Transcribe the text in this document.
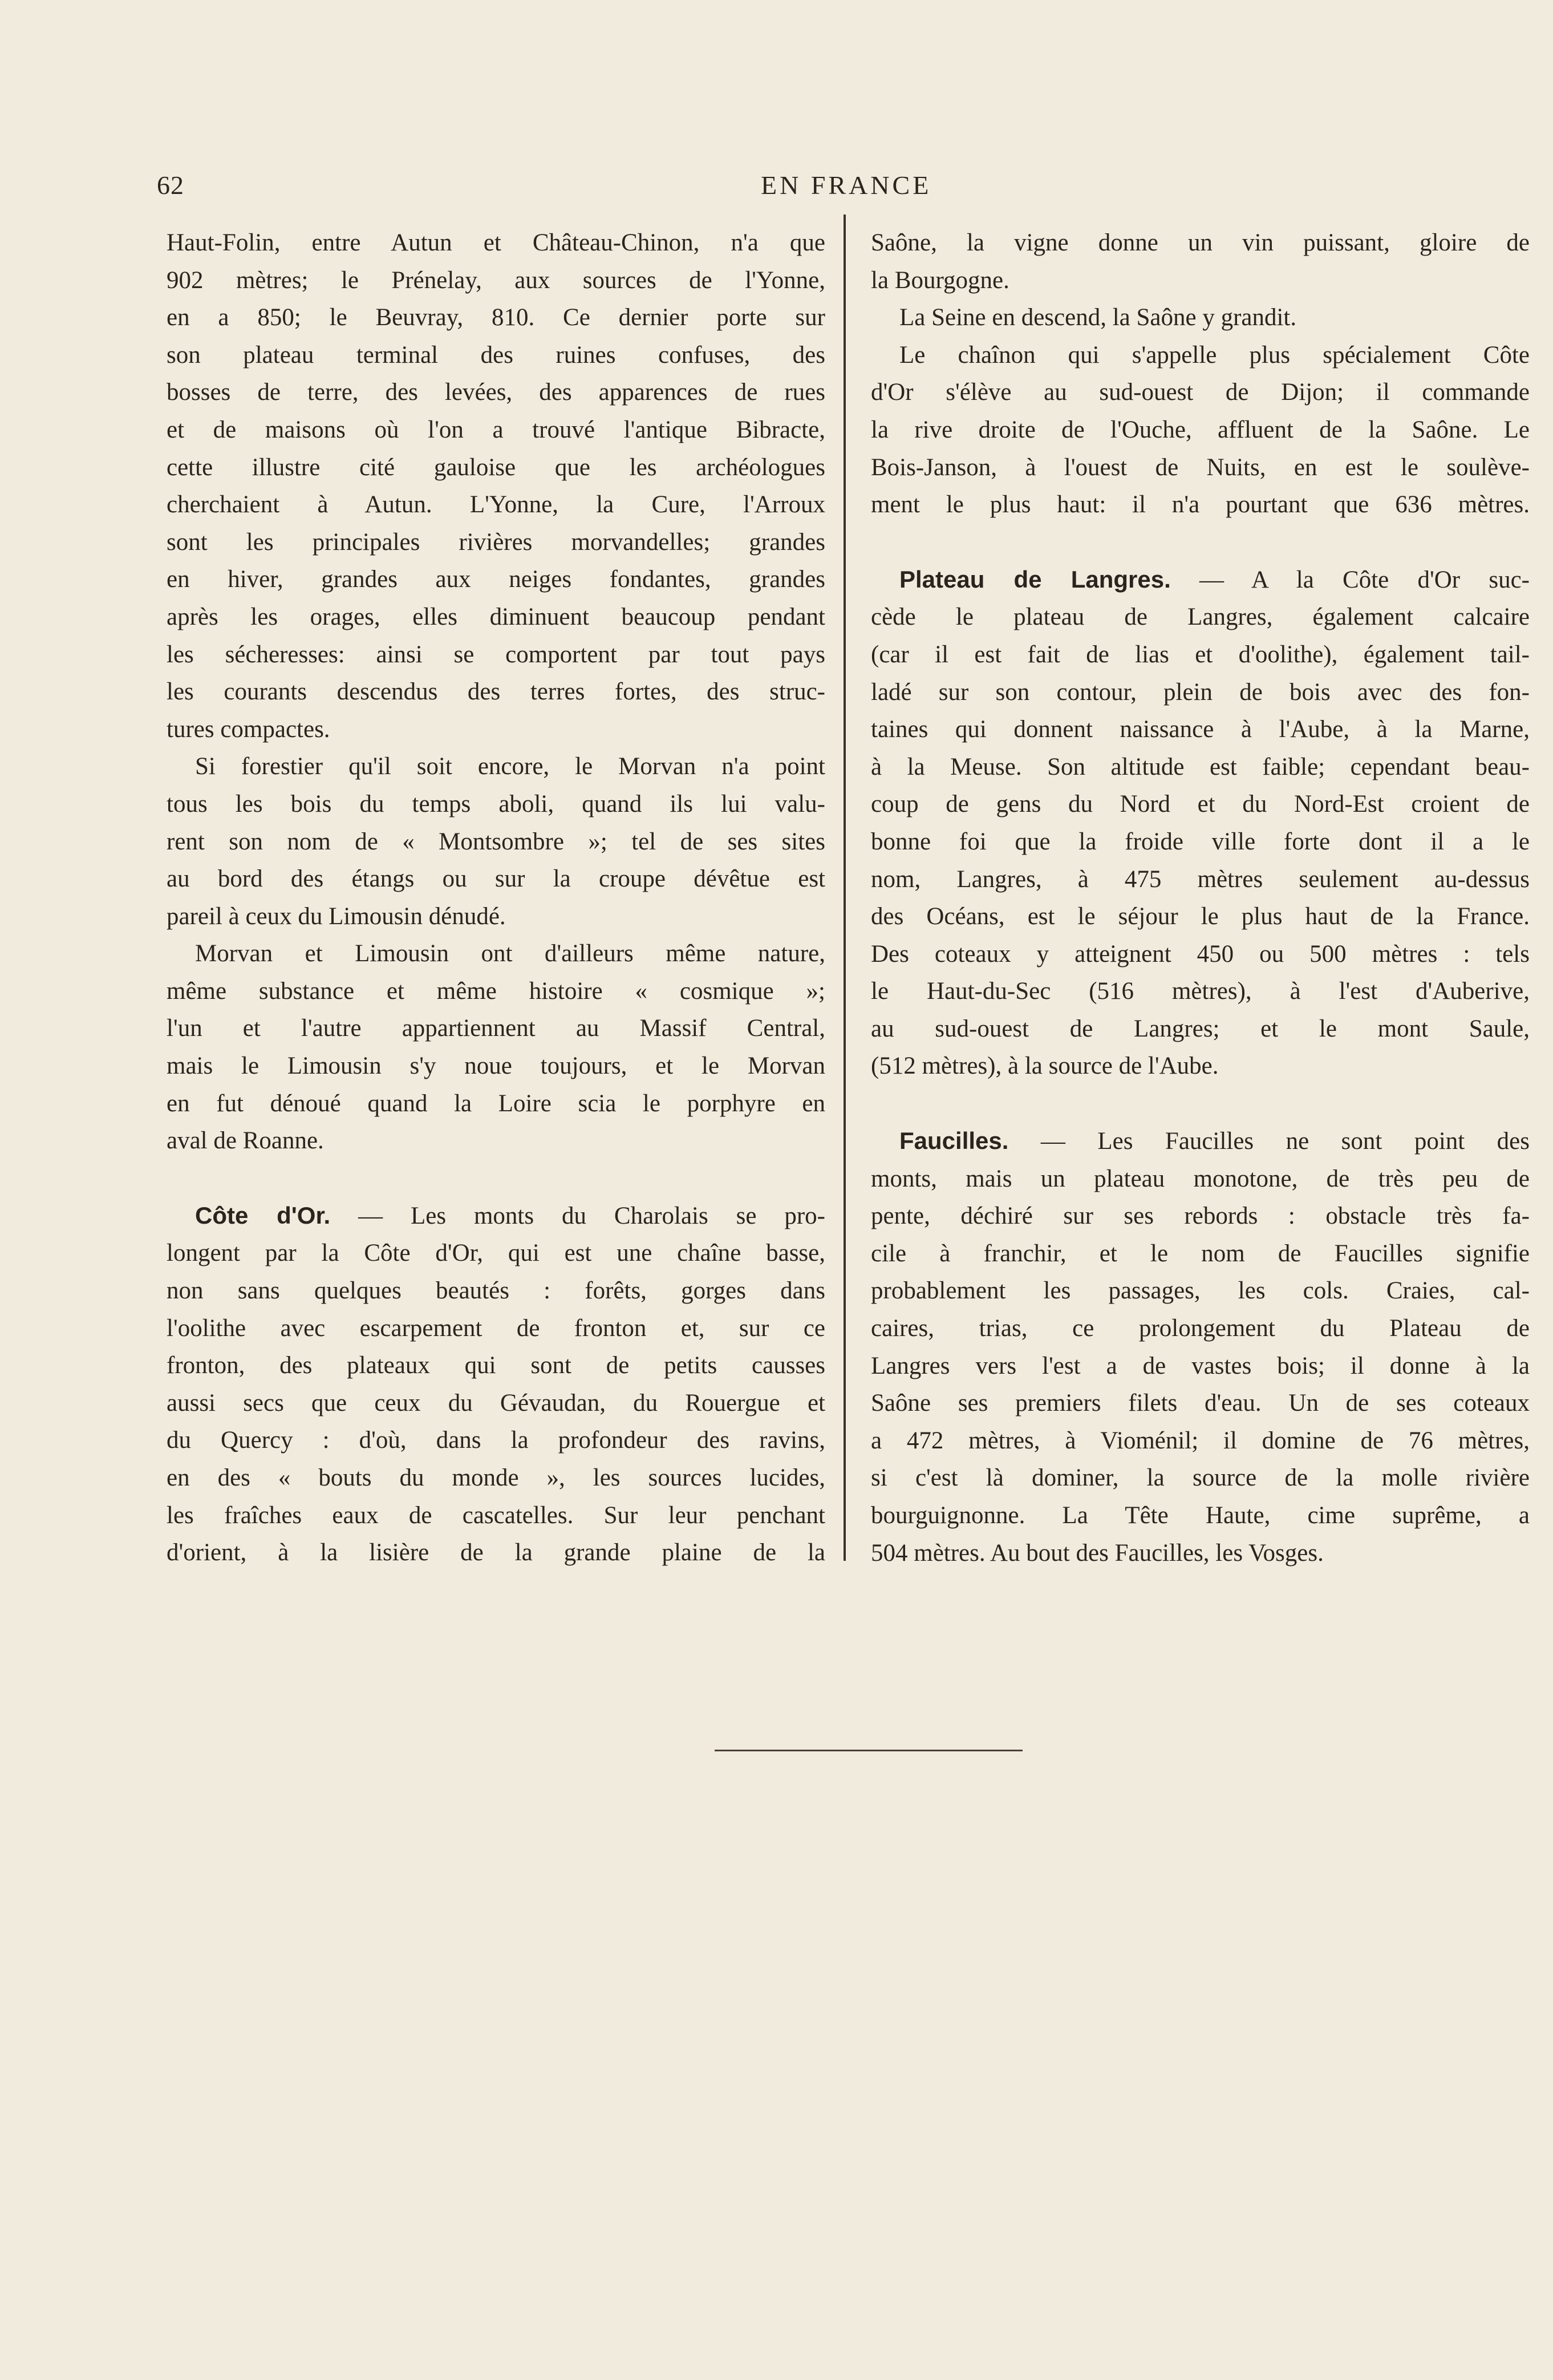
62	EN FRANCE

Haut-Folin, entre Autun et Château-Chinon, n'a que

902 mètres; le Prénelay, aux sources de l'Yonne,

en a 850; le Beuvray, 810. Ce dernier porte sur

son plateau terminal des ruines confuses, des

bosses de terre, des levées, des apparences de rues

et de maisons où l'on a trouvé l'antique Bibracte,

cette illustre cité gauloise que les archéologues

cherchaient à Autun. L'Yonne, la Cure, l'Arroux

sont les principales rivières morvandelles; grandes

en hiver, grandes aux neiges fondantes, grandes

après les orages, elles diminuent beaucoup pendant

les sécheresses: ainsi se comportent par tout pays

les courants descendus des terres fortes, des struc-

tures compactes.

Si forestier qu'il soit encore, le Morvan n'a point

tous les bois du temps aboli, quand ils lui valu-

rent son nom de « Montsombre »; tel de ses sites

au bord des étangs ou sur la croupe dévêtue est

pareil à ceux du Limousin dénudé.

Morvan et Limousin ont d'ailleurs même nature,

même substance et même histoire « cosmique »;

l'un et l'autre appartiennent au Massif Central,

mais le Limousin s'y noue toujours, et le Morvan

en fut dénoué quand la Loire scia le porphyre en

aval de Roanne.

Côte d'Or. — Les monts du Charolais se pro-

longent par la Côte d'Or, qui est une chaîne basse,

non sans quelques beautés : forêts, gorges dans

l'oolithe avec escarpement de fronton et, sur ce

fronton, des plateaux qui sont de petits causses

aussi secs que ceux du Gévaudan, du Rouergue et

du Quercy : d'où, dans la profondeur des ravins,

en des « bouts du monde », les sources lucides,

les fraîches eaux de cascatelles. Sur leur penchant

d'orient, à la lisière de la grande plaine de la

Saône, la vigne donne un vin puissant, gloire de

la Bourgogne.

La Seine en descend, la Saône y grandit.

Le chaînon qui s'appelle plus spécialement Côte

d'Or s'élève au sud-ouest de Dijon; il commande

la rive droite de l'Ouche, affluent de la Saône. Le

Bois-Janson, à l'ouest de Nuits, en est le soulève-

ment le plus haut: il n'a pourtant que 636 mètres.

Plateau de Langres. — A la Côte d'Or suc-

cède le plateau de Langres, également calcaire

(car il est fait de lias et d'oolithe), également tail-

ladé sur son contour, plein de bois avec des fon-

taines qui donnent naissance à l'Aube, à la Marne,

à la Meuse. Son altitude est faible; cependant beau-

coup de gens du Nord et du Nord-Est croient de

bonne foi que la froide ville forte dont il a le

nom, Langres, à 475 mètres seulement au-dessus

des Océans, est le séjour le plus haut de la France.

Des coteaux y atteignent 450 ou 500 mètres : tels

le Haut-du-Sec (516 mètres), à l'est d'Auberive,

au sud-ouest de Langres; et le mont Saule,

(512 mètres), à la source de l'Aube.

Faucilles. — Les Faucilles ne sont point des

monts, mais un plateau monotone, de très peu de

pente, déchiré sur ses rebords : obstacle très fa-

cile à franchir, et le nom de Faucilles signifie

probablement les passages, les cols. Craies, cal-

caires, trias, ce prolongement du Plateau de

Langres vers l'est a de vastes bois; il donne à la

Saône ses premiers filets d'eau. Un de ses coteaux

a 472 mètres, à Vioménil; il domine de 76 mètres,

si c'est là dominer, la source de la molle rivière

bourguignonne. La Tête Haute, cime suprême, a

504 mètres. Au bout des Faucilles, les Vosges.
